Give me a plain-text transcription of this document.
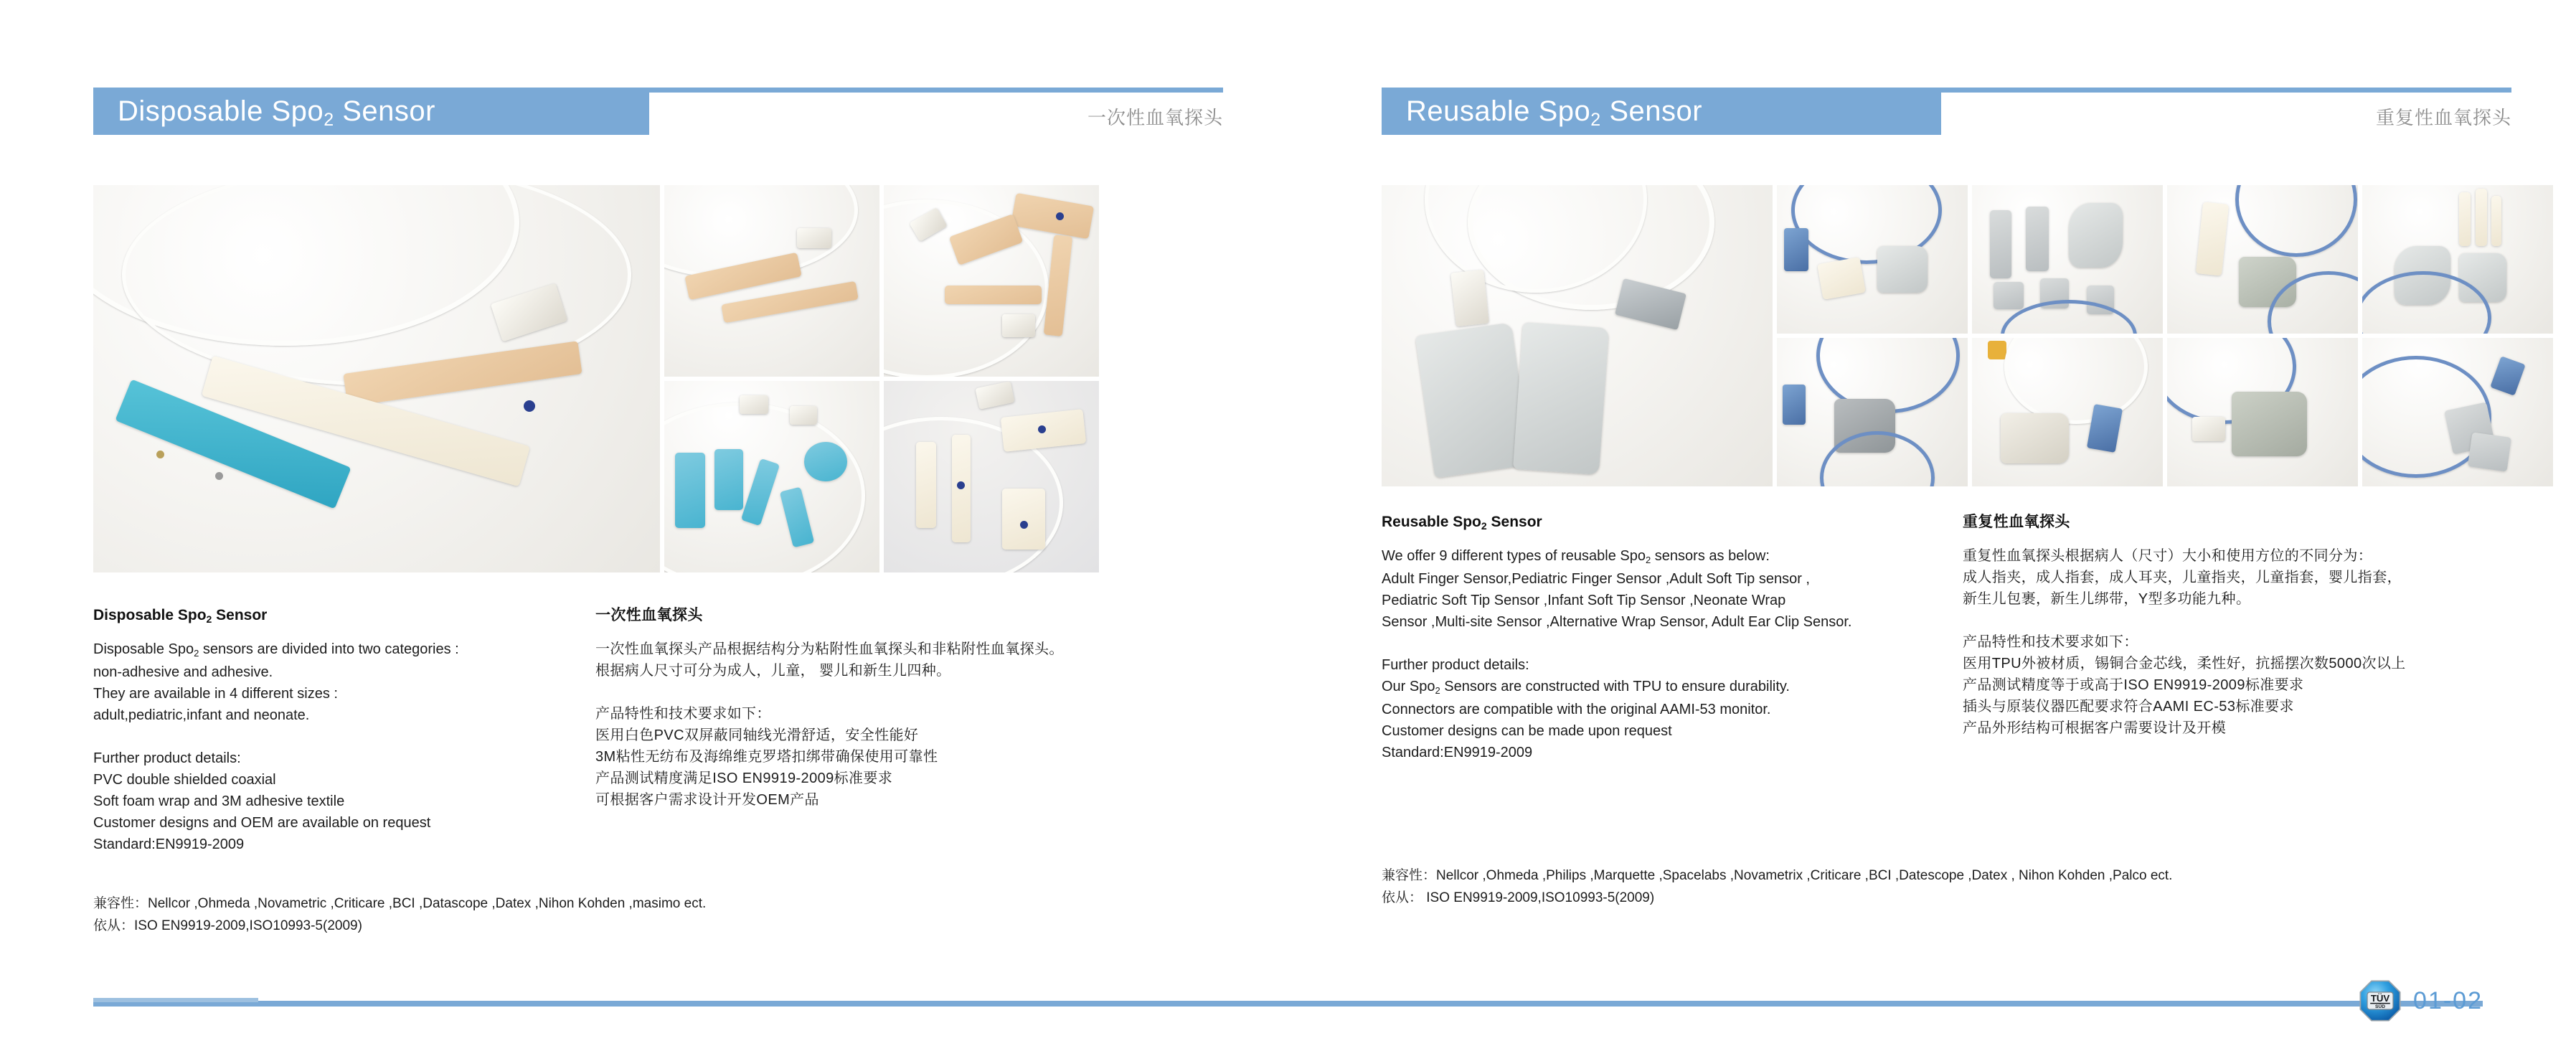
Disposable Spo$_2$ Sensor	一次性血氧探头
Disposable Spo$_2$ Sensor

Disposable Spo$_2$ sensors are divided into two categories :

non-adhesive and adhesive.

They are available in 4 different sizes :

adult,pediatric,infant and neonate.

Further product details:

PVC double shielded coaxial

Soft foam wrap and 3M adhesive textile

Customer designs and OEM are available on request

Standard:EN9919-2009

一次性血氧探头

一次性血氧探头产品根据结构分为粘附性血氧探头和非粘附性血氧探头。

根据病人尺寸可分为成人，儿童， 婴儿和新生儿四种。

产品特性和技术要求如下：

医用白色PVC双屏蔽同轴线光滑舒适，安全性能好

3M粘性无纺布及海绵维克罗塔扣绑带确保使用可靠性

产品测试精度满足ISO EN9919-2009标准要求

可根据客户需求设计开发OEM产品

兼容性：Nellcor ,Ohmeda ,Novametric ,Criticare ,BCI ,Datascope ,Datex ,Nihon Kohden ,masimo ect.
依从：ISO EN9919-2009,ISO10993-5(2009)
Reusable Spo$_2$ Sensor	重复性血氧探头
Reusable Spo$_2$ Sensor

We offer 9 different types of reusable Spo$_2$ sensors as below:

Adult Finger Sensor,Pediatric Finger Sensor ,Adult Soft Tip sensor ,

Pediatric Soft Tip Sensor ,Infant Soft Tip Sensor ,Neonate Wrap

Sensor ,Multi-site Sensor ,Alternative Wrap Sensor, Adult Ear Clip Sensor.

Further product details:

Our Spo$_2$ Sensors are constructed with TPU to ensure durability.

Connectors are compatible with the original AAMI-53 monitor.

Customer designs can be made upon request

Standard:EN9919-2009

重复性血氧探头

重复性血氧探头根据病人（尺寸）大小和使用方位的不同分为：

成人指夹，成人指套，成人耳夹，儿童指夹，儿童指套，婴儿指套，

新生儿包裹，新生儿绑带，Y型多功能九种。

产品特性和技术要求如下：

医用TPU外被材质，锡铜合金芯线，柔性好，抗摇摆次数5000次以上

产品测试精度等于或高于ISO EN9919-2009标准要求

插头与原装仪器匹配要求符合AAMI EC-53标准要求

产品外形结构可根据客户需要设计及开模

兼容性：Nellcor ,Ohmeda ,Philips ,Marquette ,Spacelabs ,Novametrix ,Criticare ,BCI ,Datescope ,Datex , Nihon Kohden ,Palco ect.
依从： ISO EN9919-2009,ISO10993-5(2009)
TÜV
SÜD 01-02
